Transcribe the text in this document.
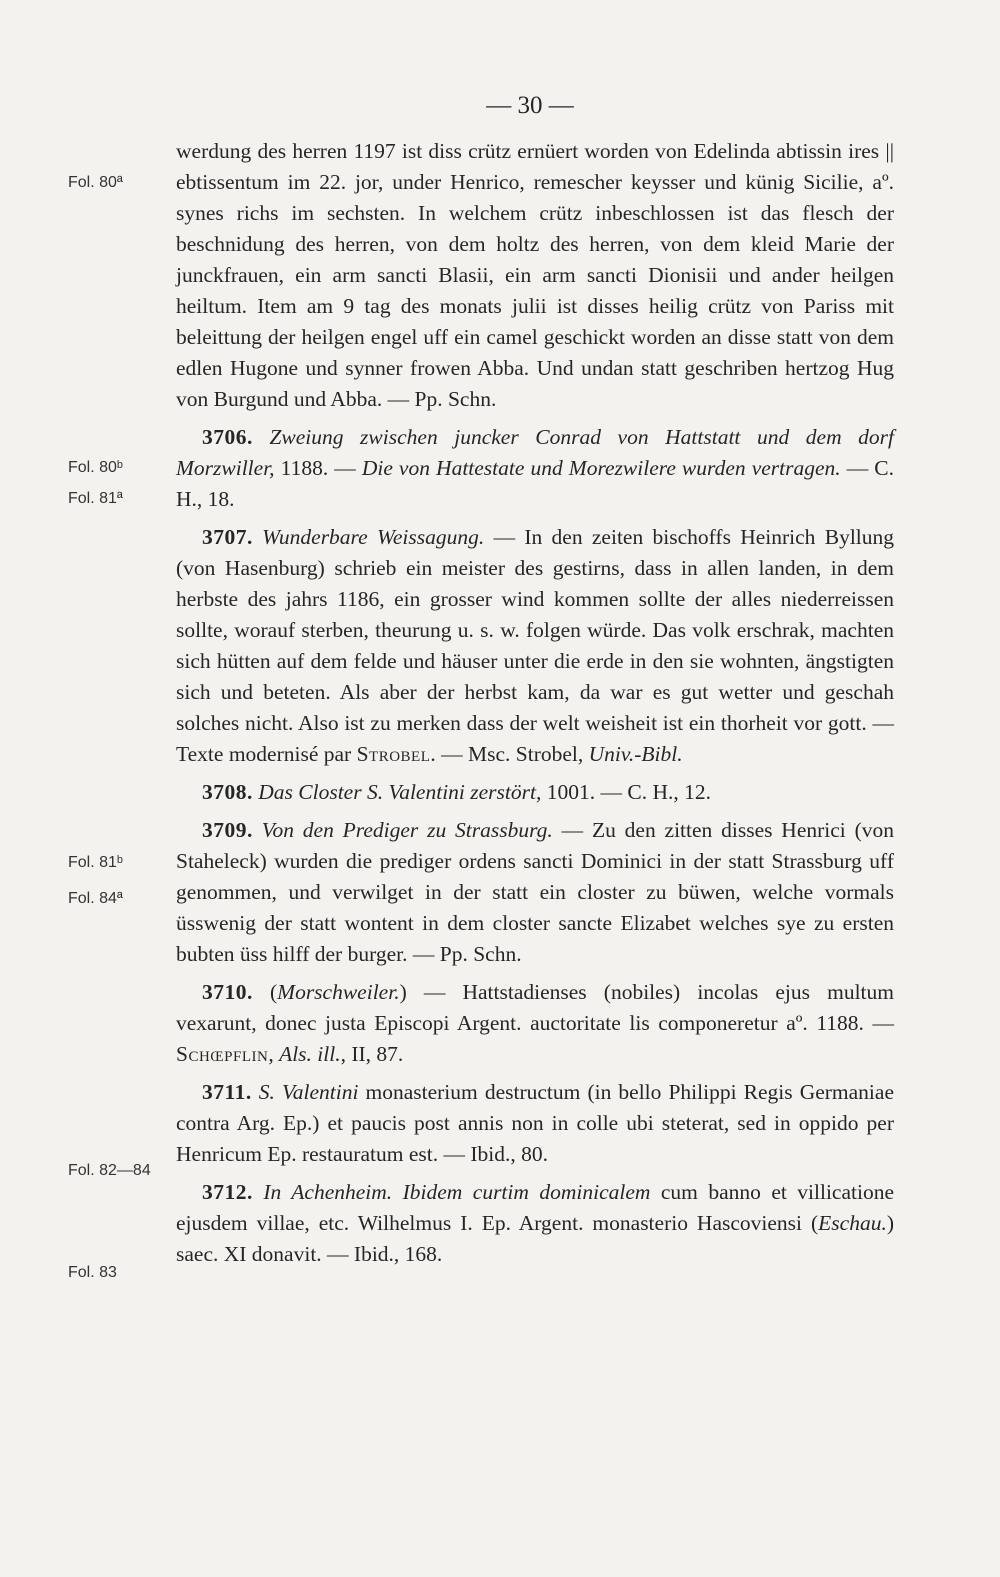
— 30 —
Fol. 80ª
Fol. 80ᵇ
Fol. 81ª
Fol. 81ᵇ
Fol. 84ª
Fol. 82—84
Fol. 83

werdung des herren 1197 ist diss crütz ernüert worden von Edelinda abtissin ires || ebtissentum im 22. jor, under Henrico, remescher keysser und künig Sicilie, aº. synes richs im sechsten. In welchem crütz inbeschlossen ist das flesch der beschnidung des herren, von dem holtz des herren, von dem kleid Marie der junckfrauen, ein arm sancti Blasii, ein arm sancti Dionisii und ander heilgen heiltum. Item am 9 tag des monats julii ist disses heilig crütz von Pariss mit beleittung der heilgen engel uff ein camel geschickt worden an disse statt von dem edlen Hugone und synner frowen Abba. Und undan statt geschriben hertzog Hug von Burgund und Abba. — Pp. Schn.

3706. Zweiung zwischen juncker Conrad von Hattstatt und dem dorf Morzwiller, 1188. — Die von Hattestate und Morezwilere wurden vertragen. — C. H., 18.

3707. Wunderbare Weissagung. — In den zeiten bischoffs Heinrich Byllung (von Hasenburg) schrieb ein meister des gestirns, dass in allen landen, in dem herbste des jahrs 1186, ein grosser wind kommen sollte der alles niederreissen sollte, worauf sterben, theurung u. s. w. folgen würde. Das volk erschrak, machten sich hütten auf dem felde und häuser unter die erde in den sie wohnten, ängstigten sich und beteten. Als aber der herbst kam, da war es gut wetter und geschah solches nicht. Also ist zu merken dass der welt weisheit ist ein thorheit vor gott. — Texte modernisé par Strobel. — Msc. Strobel, Univ.-Bibl.

3708. Das Closter S. Valentini zerstört, 1001. — C. H., 12.

3709. Von den Prediger zu Strassburg. — Zu den zitten disses Henrici (von Staheleck) wurden die prediger ordens sancti Dominici in der statt Strassburg uff genommen, und verwilget in der statt ein closter zu büwen, welche vormals üsswenig der statt wontent in dem closter sancte Elizabet welches sye zu ersten bubten üss hilff der burger. — Pp. Schn.

3710. (Morschweiler.) — Hattstadienses (nobiles) incolas ejus multum vexarunt, donec justa Episcopi Argent. auctoritate lis componeretur aº. 1188. — Schœpflin, Als. ill., II, 87.

3711. S. Valentini monasterium destructum (in bello Philippi Regis Germaniae contra Arg. Ep.) et paucis post annis non in colle ubi steterat, sed in oppido per Henricum Ep. restauratum est. — Ibid., 80.

3712. In Achenheim. Ibidem curtim dominicalem cum banno et villicatione ejusdem villae, etc. Wilhelmus I. Ep. Argent. monasterio Hascoviensi (Eschau.) saec. XI donavit. — Ibid., 168.
